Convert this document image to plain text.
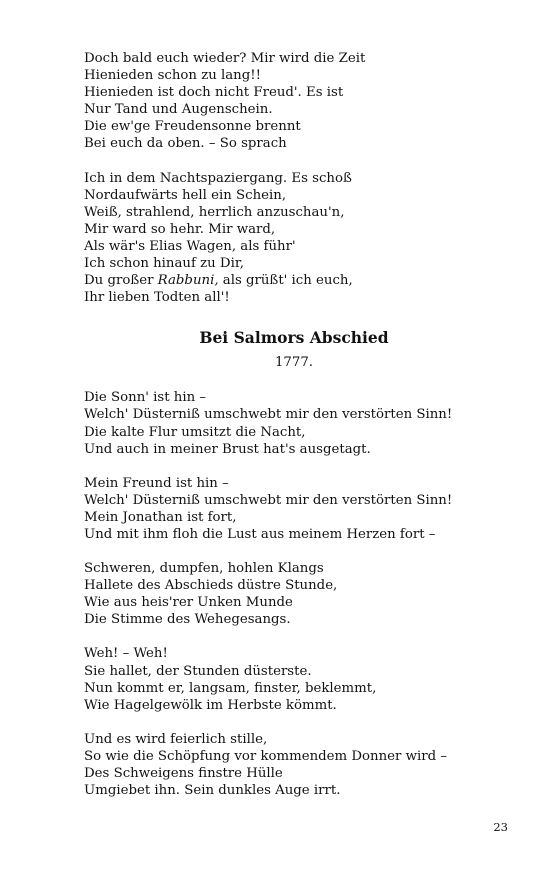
Doch bald euch wieder? Mir wird die Zeit
Hienieden schon zu lang!!
Hienieden ist doch nicht Freud'. Es ist
Nur Tand und Augenschein.
Die ew'ge Freudensonne brennt
Bei euch da oben. – So sprach
Ich in dem Nachtspaziergang. Es schoß
Nordaufwärts hell ein Schein,
Weiß, strahlend, herrlich anzuschau'n,
Mir ward so hehr. Mir ward,
Als wär's Elias Wagen, als führ'
Ich schon hinauf zu Dir,
Du großer Rabbuni, als grüßt' ich euch,
Ihr lieben Todten all'!
Bei Salmors Abschied
1777.
Die Sonn' ist hin –
Welch' Düsterniß umschwebt mir den verstörten Sinn!
Die kalte Flur umsitzt die Nacht,
Und auch in meiner Brust hat's ausgetagt.
Mein Freund ist hin –
Welch' Düsterniß umschwebt mir den verstörten Sinn!
Mein Jonathan ist fort,
Und mit ihm floh die Lust aus meinem Herzen fort –
Schweren, dumpfen, hohlen Klangs
Hallete des Abschieds düstre Stunde,
Wie aus heis'rer Unken Munde
Die Stimme des Wehegesangs.
Weh! – Weh!
Sie hallet, der Stunden düsterste.
Nun kommt er, langsam, finster, beklemmt,
Wie Hagelgewölk im Herbste kömmt.
Und es wird feierlich stille,
So wie die Schöpfung vor kommendem Donner wird –
Des Schweigens finstre Hülle
Umgiebet ihn. Sein dunkles Auge irrt.
23
